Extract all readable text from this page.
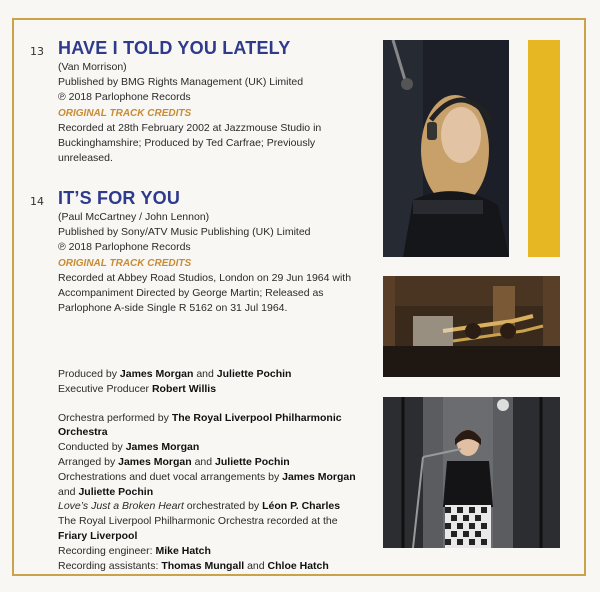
13 HAVE I TOLD YOU LATELY
(Van Morrison)
Published by BMG Rights Management (UK) Limited
℗ 2018 Parlophone Records
ORIGINAL TRACK CREDITS
Recorded at 28th February 2002 at Jazzmouse Studio in Buckinghamshire; Produced by Ted Carfrae; Previously unreleased.
14 IT’S FOR YOU
(Paul McCartney / John Lennon)
Published by Sony/ATV Music Publishing (UK) Limited
℗ 2018 Parlophone Records
ORIGINAL TRACK CREDITS
Recorded at Abbey Road Studios, London on 29 Jun 1964 with Accompaniment Directed by George Martin; Released as Parlophone A-side Single R 5162 on 31 Jul 1964.
Produced by James Morgan and Juliette Pochin
Executive Producer Robert Willis
Orchestra performed by The Royal Liverpool Philharmonic Orchestra
Conducted by James Morgan
Arranged by James Morgan and Juliette Pochin
Orchestrations and duet vocal arrangements by James Morgan and Juliette Pochin
Love’s Just a Broken Heart orchestrated by Léon P. Charles
The Royal Liverpool Philharmonic Orchestra recorded at the Friary Liverpool
Recording engineer: Mike Hatch
Recording assistants: Thomas Mungall and Chloe Hatch
